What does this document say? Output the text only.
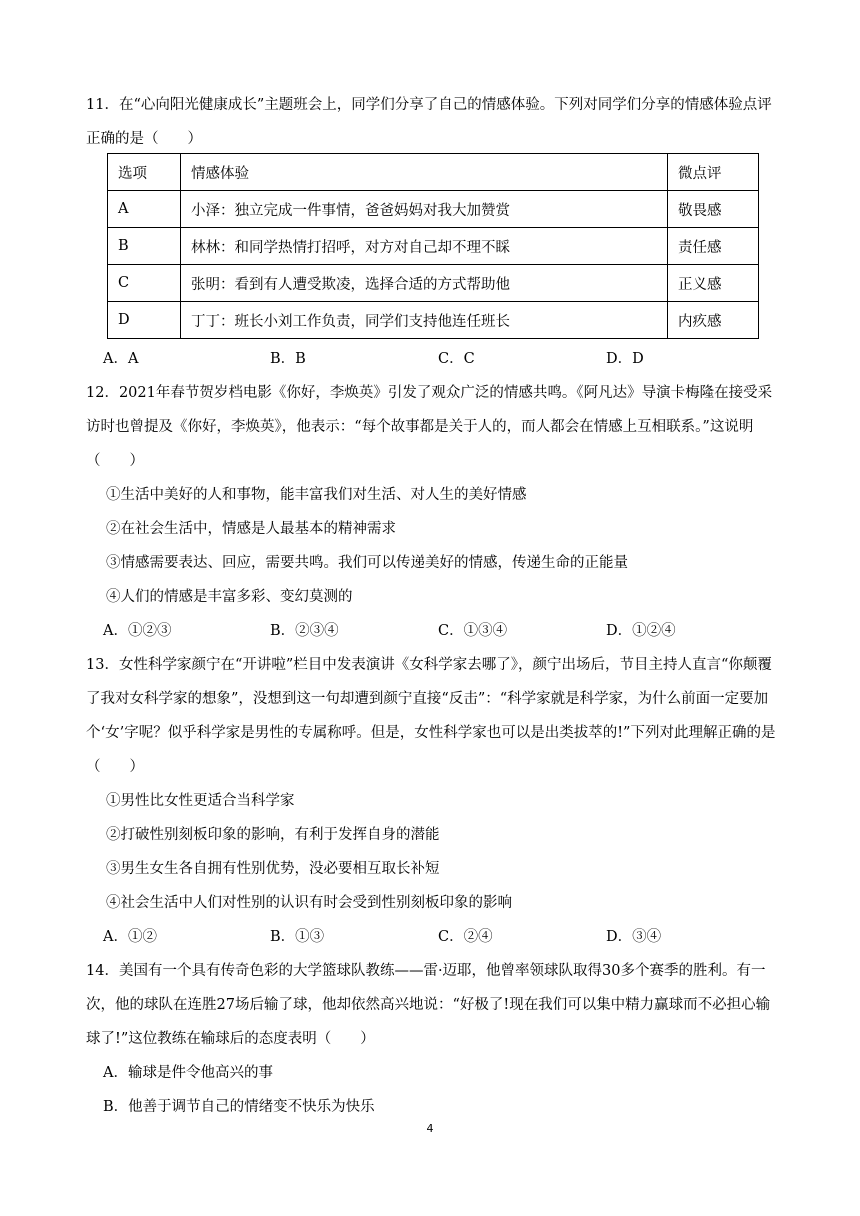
11．在“心向阳光健康成长”主题班会上，同学们分享了自己的情感体验。下列对同学们分享的情感体验点评正确的是（　　）

选项	情感体验	微点评
A	小泽：独立完成一件事情，爸爸妈妈对我大加赞赏	敬畏感
B	林林：和同学热情打招呼，对方对自己却不理不睬	责任感
C	张明：看到有人遭受欺凌，选择合适的方式帮助他	正义感
D	丁丁：班长小刘工作负责，同学们支持他连任班长	内疚感
A．A	B．B	C．C	D．D

12．2021年春节贺岁档电影《你好，李焕英》引发了观众广泛的情感共鸣。《阿凡达》导演卡梅隆在接受采访时也曾提及《你好，李焕英》，他表示：“每个故事都是关于人的，而人都会在情感上互相联系。”这说明（　　）

①生活中美好的人和事物，能丰富我们对生活、对人生的美好情感

②在社会生活中，情感是人最基本的精神需求

③情感需要表达、回应，需要共鸣。我们可以传递美好的情感，传递生命的正能量

④人们的情感是丰富多彩、变幻莫测的

A．①②③	B．②③④	C．①③④	D．①②④

13．女性科学家颜宁在“开讲啦”栏目中发表演讲《女科学家去哪了》，颜宁出场后，节目主持人直言“你颠覆了我对女科学家的想象”，没想到这一句却遭到颜宁直接“反击”：“科学家就是科学家，为什么前面一定要加个‘女’字呢？似乎科学家是男性的专属称呼。但是，女性科学家也可以是出类拔萃的!”下列对此理解正确的是（　　）

①男性比女性更适合当科学家

②打破性别刻板印象的影响，有利于发挥自身的潜能

③男生女生各自拥有性别优势，没必要相互取长补短

④社会生活中人们对性别的认识有时会受到性别刻板印象的影响

A．①②	B．①③	C．②④	D．③④

14．美国有一个具有传奇色彩的大学篮球队教练——雷·迈耶，他曾率领球队取得30多个赛季的胜利。有一次，他的球队在连胜27场后输了球，他却依然高兴地说：“好极了!现在我们可以集中精力赢球而不必担心输球了!”这位教练在输球后的态度表明（　　）

A．输球是件令他高兴的事

B．他善于调节自己的情绪变不快乐为快乐

4
